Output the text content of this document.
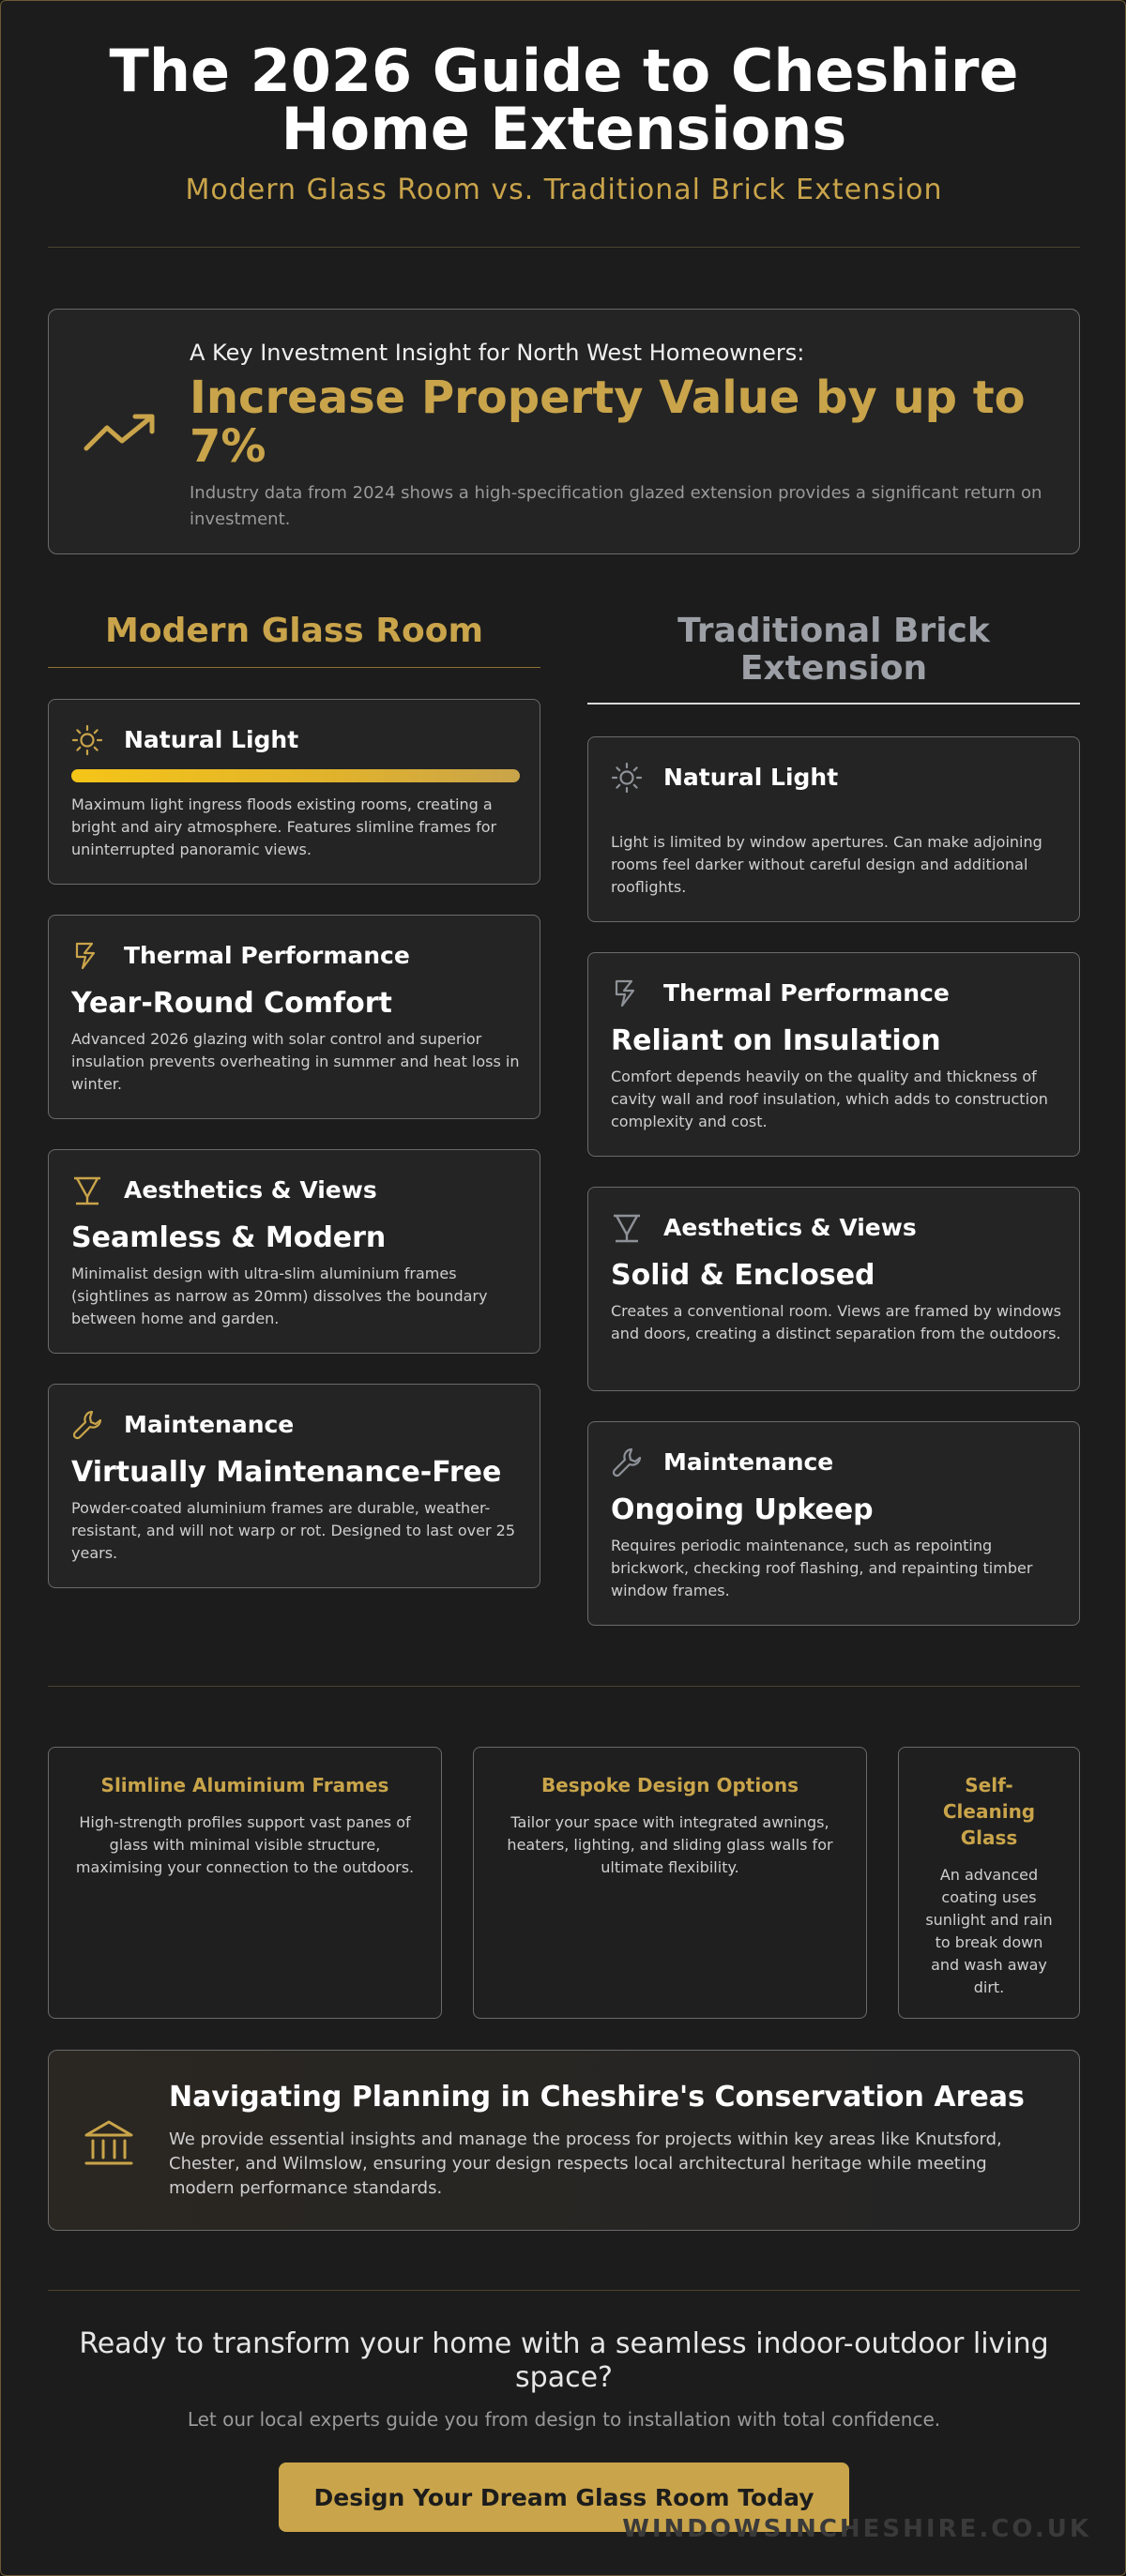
The 2026 Guide to Cheshire
Home Extensions
Modern Glass Room vs. Traditional Brick Extension
A Key Investment Insight for North West Homeowners:
Increase Property Value by up to 7%
Industry data from 2024 shows a high-specification glazed extension provides a significant return on investment.
Modern Glass Room
Natural Light
Maximum light ingress floods existing rooms, creating a bright and airy atmosphere. Features slimline frames for uninterrupted panoramic views.
Thermal Performance
Year-Round Comfort
Advanced 2026 glazing with solar control and superior insulation prevents overheating in summer and heat loss in winter.
Aesthetics & Views
Seamless & Modern
Minimalist design with ultra-slim aluminium frames (sightlines as narrow as 20mm) dissolves the boundary between home and garden.
Maintenance
Virtually Maintenance-Free
Powder-coated aluminium frames are durable, weather-resistant, and will not warp or rot. Designed to last over 25 years.
Traditional Brick Extension
Natural Light
Light is limited by window apertures. Can make adjoining rooms feel darker without careful design and additional rooflights.
Thermal Performance
Reliant on Insulation
Comfort depends heavily on the quality and thickness of cavity wall and roof insulation, which adds to construction complexity and cost.
Aesthetics & Views
Solid & Enclosed
Creates a conventional room. Views are framed by windows and doors, creating a distinct separation from the outdoors.
Maintenance
Ongoing Upkeep
Requires periodic maintenance, such as repointing brickwork, checking roof flashing, and repainting timber window frames.
Slimline Aluminium Frames
High-strength profiles support vast panes of glass with minimal visible structure, maximising your connection to the outdoors.
Bespoke Design Options
Tailor your space with integrated awnings, heaters, lighting, and sliding glass walls for ultimate flexibility.
Self-Cleaning Glass
An advanced coating uses sunlight and rain to break down and wash away dirt.
Navigating Planning in Cheshire's Conservation Areas
We provide essential insights and manage the process for projects within key areas like Knutsford, Chester, and Wilmslow, ensuring your design respects local architectural heritage while meeting modern performance standards.
Ready to transform your home with a seamless indoor-outdoor living space?
Let our local experts guide you from design to installation with total confidence.
Design Your Dream Glass Room Today
WINDOWSINCHESHIRE.CO.UK
